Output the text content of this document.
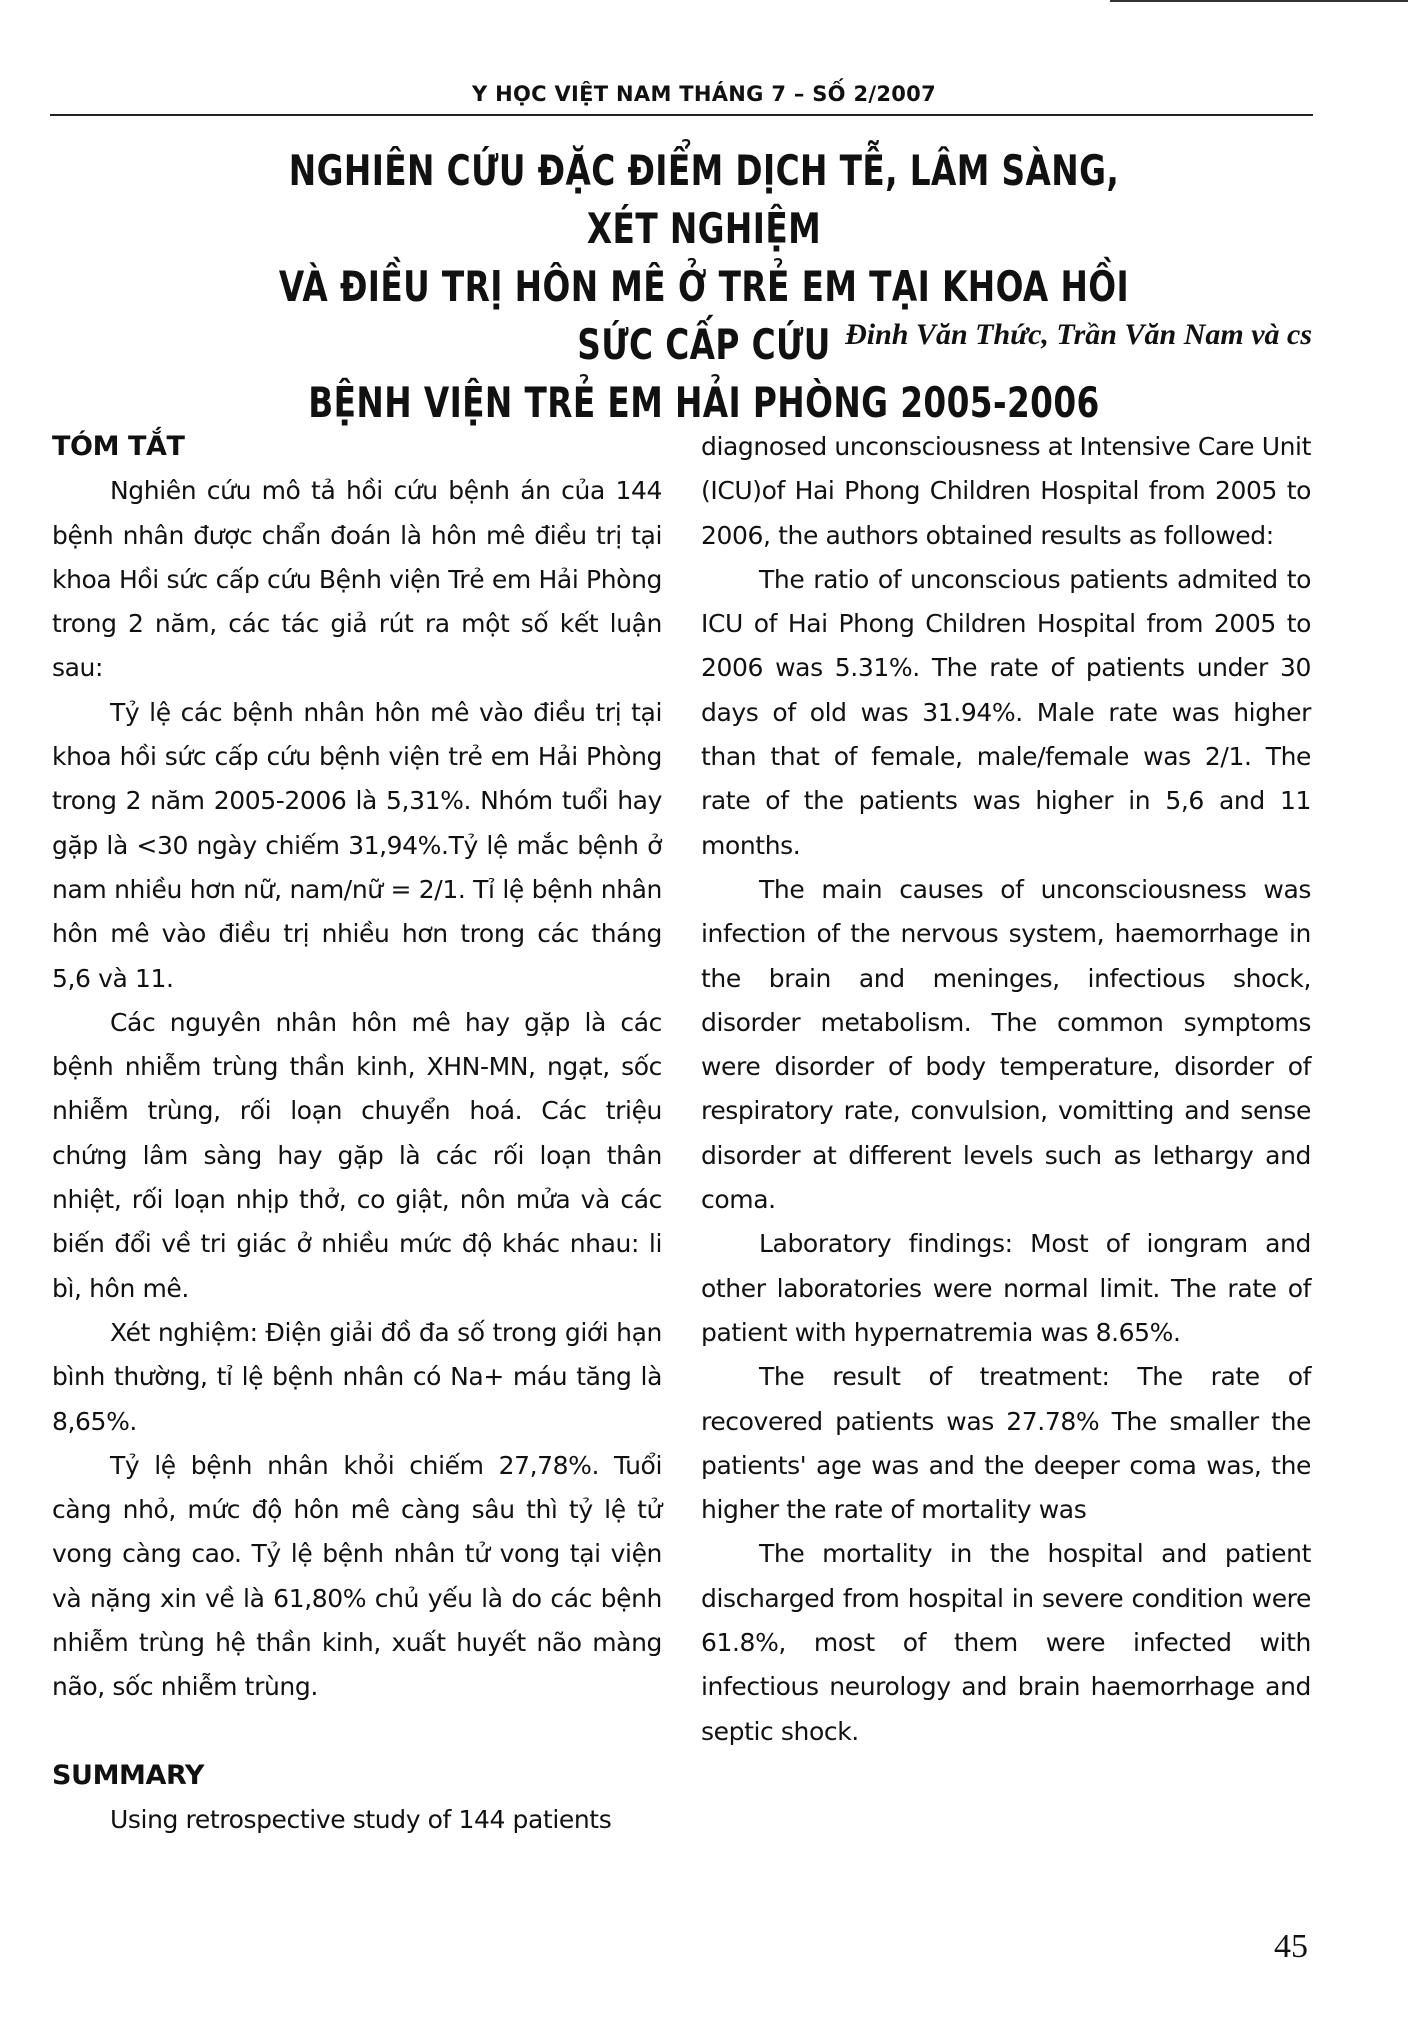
Y HỌC VIỆT NAM THÁNG 7 – SỐ 2/2007
NGHIÊN CỨU ĐẶC ĐIỂM DỊCH TỄ, LÂM SÀNG, XÉT NGHIỆM
VÀ ĐIỀU TRỊ HÔN MÊ Ở TRẺ EM TẠI KHOA HỒI SỨC CẤP CỨU
BỆNH VIỆN TRẺ EM HẢI PHÒNG 2005-2006
Đinh Văn Thức, Trần Văn Nam và cs
TÓM TẮT

Nghiên cứu mô tả hồi cứu bệnh án của 144 bệnh nhân được chẩn đoán là hôn mê điều trị tại khoa Hồi sức cấp cứu Bệnh viện Trẻ em Hải Phòng trong 2 năm, các tác giả rút ra một số kết luận sau:

Tỷ lệ các bệnh nhân hôn mê vào điều trị tại khoa hồi sức cấp cứu bệnh viện trẻ em Hải Phòng trong 2 năm 2005-2006 là 5,31%. Nhóm tuổi hay gặp là <30 ngày chiếm 31,94%.Tỷ lệ mắc bệnh ở nam nhiều hơn nữ, nam/nữ = 2/1. Tỉ lệ bệnh nhân hôn mê vào điều trị nhiều hơn trong các tháng 5,6 và 11.

Các nguyên nhân hôn mê hay gặp là các bệnh nhiễm trùng thần kinh, XHN-MN, ngạt, sốc nhiễm trùng, rối loạn chuyển hoá. Các triệu chứng lâm sàng hay gặp là các rối loạn thân nhiệt, rối loạn nhịp thở, co giật, nôn mửa và các biến đổi về tri giác ở nhiều mức độ khác nhau: li bì, hôn mê.

Xét nghiệm: Điện giải đồ đa số trong giới hạn bình thường, tỉ lệ bệnh nhân có Na+ máu tăng là 8,65%.

Tỷ lệ bệnh nhân khỏi chiếm 27,78%. Tuổi càng nhỏ, mức độ hôn mê càng sâu thì tỷ lệ tử vong càng cao. Tỷ lệ bệnh nhân tử vong tại viện và nặng xin về là 61,80% chủ yếu là do các bệnh nhiễm trùng hệ thần kinh, xuất huyết não màng não, sốc nhiễm trùng.

SUMMARY

Using retrospective study of 144 patients

diagnosed unconsciousness at Intensive Care Unit (ICU)of Hai Phong Children Hospital from 2005 to 2006, the authors obtained results as followed:

The ratio of unconscious patients admited to ICU of Hai Phong Children Hospital from 2005 to 2006 was 5.31%. The rate of patients under 30 days of old was 31.94%. Male rate was higher than that of female, male/female was 2/1. The rate of the patients was higher in 5,6 and 11 months.

The main causes of unconsciousness was infection of the nervous system, haemorrhage in the brain and meninges, infectious shock, disorder metabolism. The common symptoms were disorder of body temperature, disorder of respiratory rate, convulsion, vomitting and sense disorder at different levels such as lethargy and coma.

Laboratory findings: Most of iongram and other laboratories were normal limit. The rate of patient with hypernatremia was 8.65%.

The result of treatment: The rate of recovered patients was 27.78% The smaller the patients' age was and the deeper coma was, the higher the rate of mortality was

The mortality in the hospital and patient discharged from hospital in severe condition were 61.8%, most of them were infected with infectious neurology and brain haemorrhage and septic shock.

45
